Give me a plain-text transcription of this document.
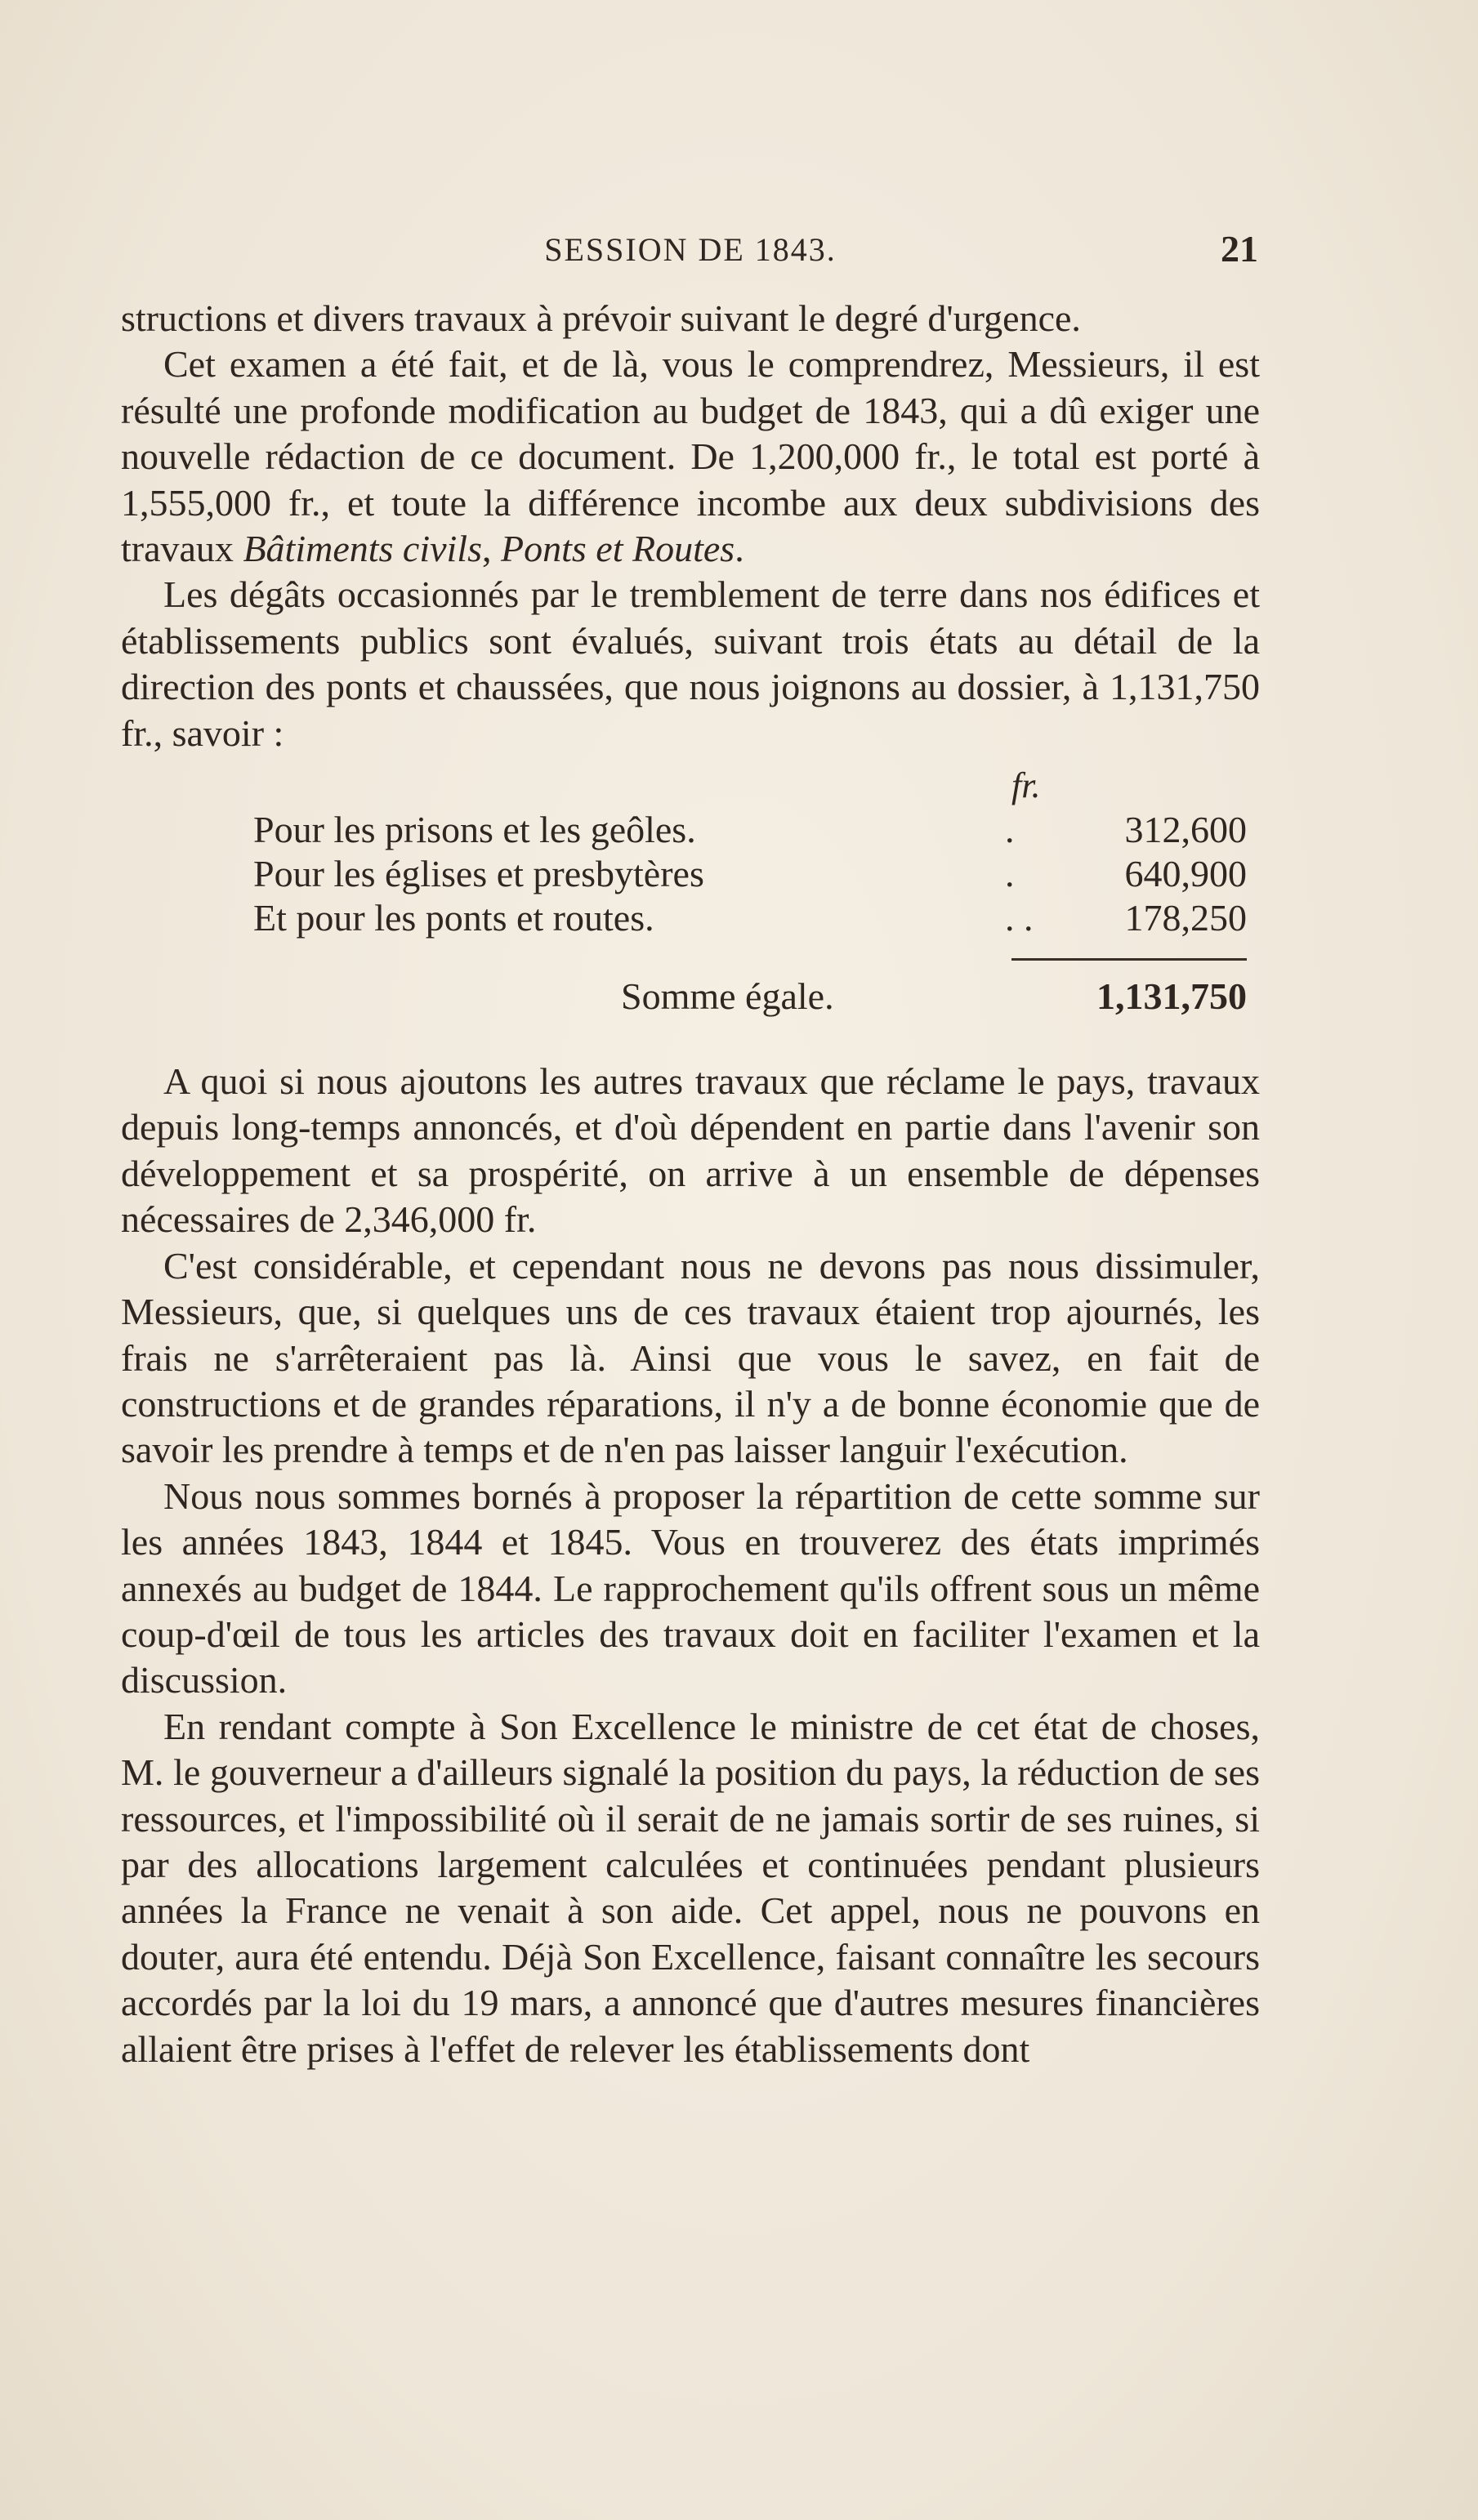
SESSION DE 1843.	21

structions et divers travaux à prévoir suivant le degré d'urgence.

Cet examen a été fait, et de là, vous le comprendrez, Messieurs, il est résulté une profonde modification au budget de 1843, qui a dû exiger une nouvelle rédaction de ce document. De 1,200,000 fr., le total est porté à 1,555,000 fr., et toute la différence incombe aux deux subdivisions des travaux Bâtiments civils, Ponts et Routes.

Les dégâts occasionnés par le tremblement de terre dans nos édifices et établissements publics sont évalués, suivant trois états au détail de la direction des ponts et chaussées, que nous joignons au dossier, à 1,131,750 fr., savoir :

fr.
Pour les prisons et les geôles.	.	312,600
Pour les églises et presbytères	.	640,900
Et pour les ponts et routes.	. . 178,250
Somme égale.	1,131,750

A quoi si nous ajoutons les autres travaux que réclame le pays, travaux depuis long-temps annoncés, et d'où dépendent en partie dans l'avenir son développement et sa prospérité, on arrive à un ensemble de dépenses nécessaires de 2,346,000 fr.

C'est considérable, et cependant nous ne devons pas nous dissimuler, Messieurs, que, si quelques uns de ces travaux étaient trop ajournés, les frais ne s'arrêteraient pas là. Ainsi que vous le savez, en fait de constructions et de grandes réparations, il n'y a de bonne économie que de savoir les prendre à temps et de n'en pas laisser languir l'exécution.

Nous nous sommes bornés à proposer la répartition de cette somme sur les années 1843, 1844 et 1845. Vous en trouverez des états imprimés annexés au budget de 1844. Le rapprochement qu'ils offrent sous un même coup-d'œil de tous les articles des travaux doit en faciliter l'examen et la discussion.

En rendant compte à Son Excellence le ministre de cet état de choses, M. le gouverneur a d'ailleurs signalé la position du pays, la réduction de ses ressources, et l'impossibilité où il serait de ne jamais sortir de ses ruines, si par des allocations largement calculées et continuées pendant plusieurs années la France ne venait à son aide. Cet appel, nous ne pouvons en douter, aura été entendu. Déjà Son Excellence, faisant connaître les secours accordés par la loi du 19 mars, a annoncé que d'autres mesures financières allaient être prises à l'effet de relever les établissements dont
